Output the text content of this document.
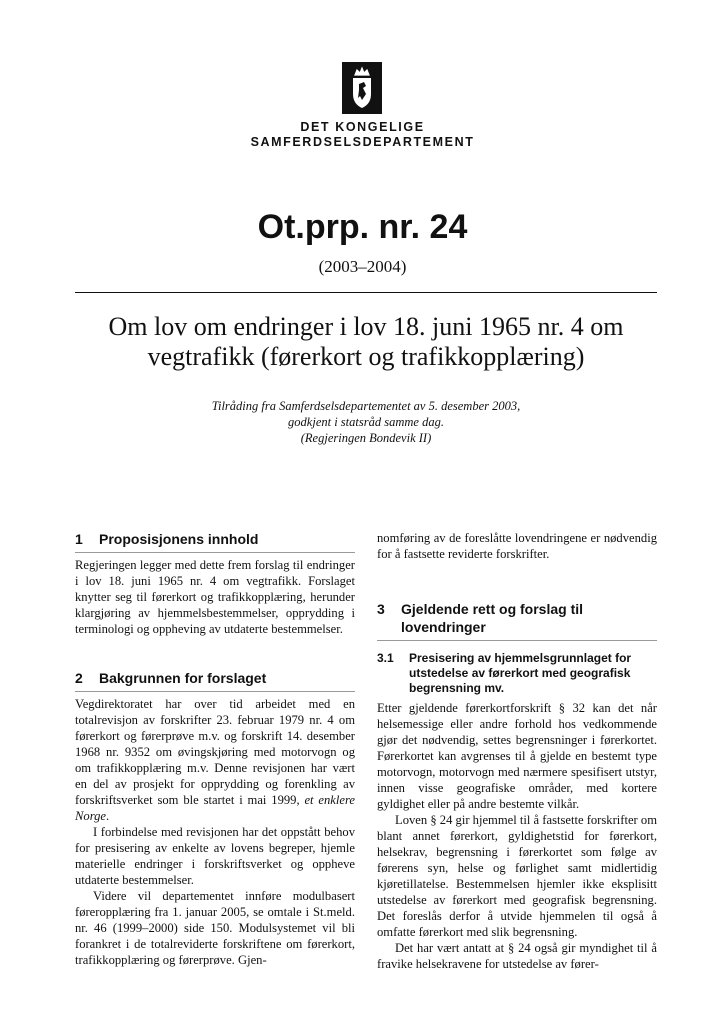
DET KONGELIGE
SAMFERDSELSDEPARTEMENT
Ot.prp. nr. 24
(2003–2004)
Om lov om endringer i lov 18. juni 1965 nr. 4 om vegtrafikk (førerkort og trafikkopplæring)
Tilråding fra Samferdselsdepartementet av 5. desember 2003,
godkjent i statsråd samme dag.
(Regjeringen Bondevik II)
1	Proposisjonens innhold

Regjeringen legger med dette frem forslag til endringer i lov 18. juni 1965 nr. 4 om vegtrafikk. Forslaget knytter seg til førerkort og trafikkopplæring, herunder klargjøring av hjemmelsbestemmelser, opprydding i terminologi og oppheving av utdaterte bestemmelser.

2	Bakgrunnen for forslaget

Vegdirektoratet har over tid arbeidet med en totalrevisjon av forskrifter 23. februar 1979 nr. 4 om førerkort og førerprøve m.v. og forskrift 14. desember 1968 nr. 9352 om øvingskjøring med motorvogn og om trafikkopplæring m.v. Denne revisjonen har vært en del av prosjekt for opprydding og forenkling av forskriftsverket som ble startet i mai 1999, et enklere Norge.

I forbindelse med revisjonen har det oppstått behov for presisering av enkelte av lovens begreper, hjemle materielle endringer i forskriftsverket og oppheve utdaterte bestemmelser.

Videre vil departementet innføre modulbasert føreropplæring fra 1. januar 2005, se omtale i St.meld. nr. 46 (1999–2000) side 150. Modulsystemet vil bli forankret i de totalreviderte forskriftene om førerkort, trafikkopplæring og førerprøve. Gjen-

nomføring av de foreslåtte lovendringene er nødvendig for å fastsette reviderte forskrifter.

3	Gjeldende rett og forslag til lovendringer
3.1	Presisering av hjemmelsgrunnlaget for utstedelse av førerkort med geografisk begrensning mv.

Etter gjeldende førerkortforskrift § 32 kan det når helsemessige eller andre forhold hos vedkommende gjør det nødvendig, settes begrensninger i førerkortet. Førerkortet kan avgrenses til å gjelde en bestemt type motorvogn, motorvogn med nærmere spesifisert utstyr, innen visse geografiske områder, med kortere gyldighet eller på andre bestemte vilkår.

Loven § 24 gir hjemmel til å fastsette forskrifter om blant annet førerkort, gyldighetstid for førerkort, helsekrav, begrensning i førerkortet som følge av førerens syn, helse og førlighet samt midlertidig kjøretillatelse. Bestemmelsen hjemler ikke eksplisitt utstedelse av førerkort med geografisk begrensning. Det foreslås derfor å utvide hjemmelen til også å omfatte førerkort med slik begrensning.

Det har vært antatt at § 24 også gir myndighet til å fravike helsekravene for utstedelse av fører-
